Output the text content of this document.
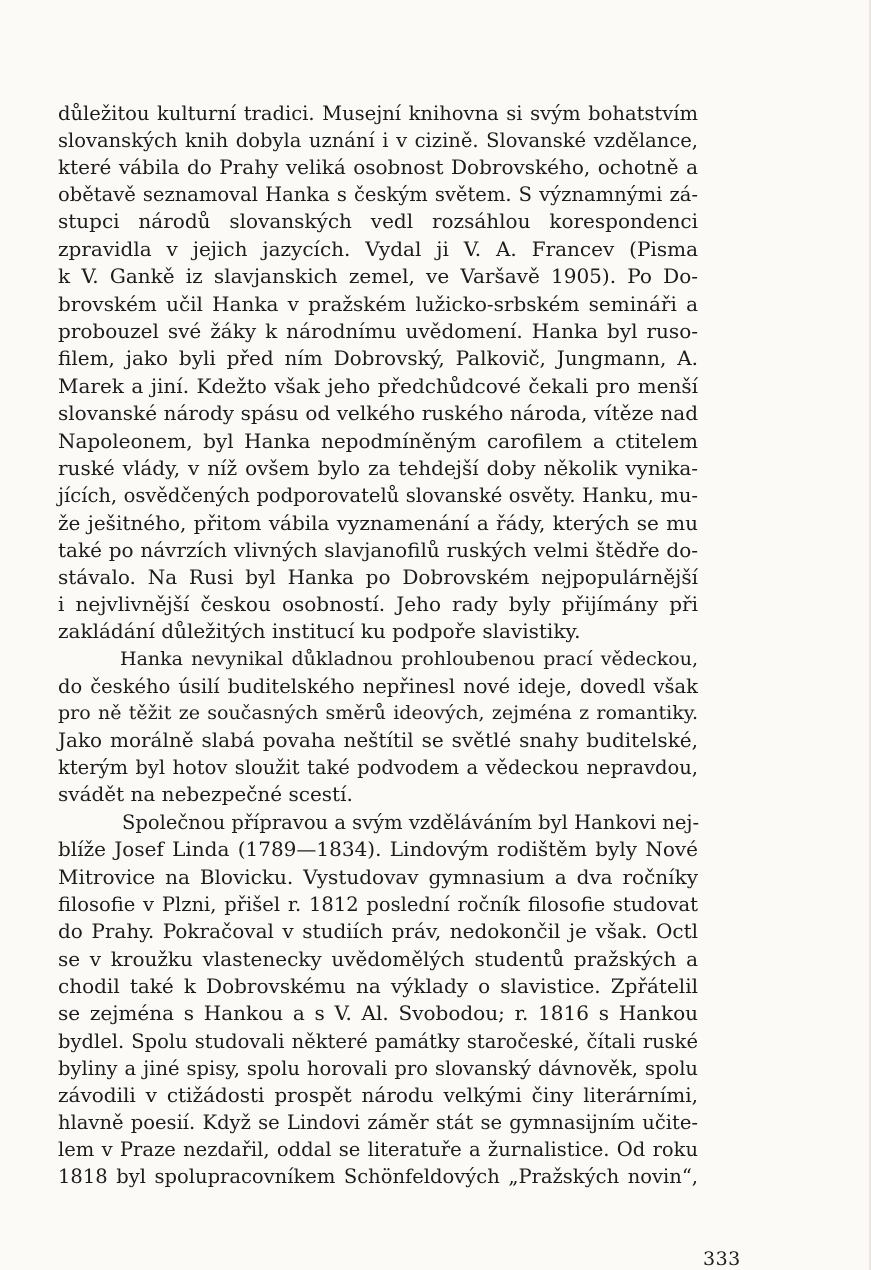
důležitou kulturní tradici. Musejní knihovna si svým bohatstvím
slovanských knih dobyla uznání i v cizině. Slovanské vzdělance,
které vábila do Prahy veliká osobnost Dobrovského, ochotně a
obětavě seznamoval Hanka s českým světem. S významnými zá-
stupci národů slovanských vedl rozsáhlou korespondenci
zpravidla v jejich jazycích. Vydal ji V. A. Francev (Pisma
k V. Gankě iz slavjanskich zemel, ve Varšavě 1905). Po Do-
brovském učil Hanka v pražském lužicko-srbském semináři a
probouzel své žáky k národnímu uvědomení. Hanka byl ruso-
filem, jako byli před ním Dobrovský, Palkovič, Jungmann, A.
Marek a jiní. Kdežto však jeho předchůdcové čekali pro menší
slovanské národy spásu od velkého ruského národa, vítěze nad
Napoleonem, byl Hanka nepodmíněným carofilem a ctitelem
ruské vlády, v níž ovšem bylo za tehdejší doby několik vynika-
jících, osvědčených podporovatelů slovanské osvěty. Hanku, mu-
že ješitného, přitom vábila vyznamenání a řády, kterých se mu
také po návrzích vlivných slavjanofilů ruských velmi štědře do-
stávalo. Na Rusi byl Hanka po Dobrovském nejpopulárnější
i nejvlivnější českou osobností. Jeho rady byly přijímány při
zakládání důležitých institucí ku podpoře slavistiky.
Hanka nevynikal důkladnou prohloubenou prací vědeckou,
do českého úsilí buditelského nepřinesl nové ideje, dovedl však
pro ně těžit ze současných směrů ideových, zejména z romantiky.
Jako morálně slabá povaha neštítil se světlé snahy buditelské,
kterým byl hotov sloužit také podvodem a vědeckou nepravdou,
svádět na nebezpečné scestí.
Společnou přípravou a svým vzděláváním byl Hankovi nej-
blíže Josef Linda (1789—1834). Lindovým rodištěm byly Nové
Mitrovice na Blovicku. Vystudovav gymnasium a dva ročníky
filosofie v Plzni, přišel r. 1812 poslední ročník filosofie studovat
do Prahy. Pokračoval v studiích práv, nedokončil je však. Octl
se v kroužku vlastenecky uvědomělých studentů pražských a
chodil také k Dobrovskému na výklady o slavistice. Zpřátelil
se zejména s Hankou a s V. Al. Svobodou; r. 1816 s Hankou
bydlel. Spolu studovali některé památky staročeské, čítali ruské
byliny a jiné spisy, spolu horovali pro slovanský dávnověk, spolu
závodili v ctižádosti prospět národu velkými činy literárními,
hlavně poesií. Když se Lindovi záměr stát se gymnasijním učite-
lem v Praze nezdařil, oddal se literatuře a žurnalistice. Od roku
1818 byl spolupracovníkem Schönfeldových „Pražských novin“,
333
